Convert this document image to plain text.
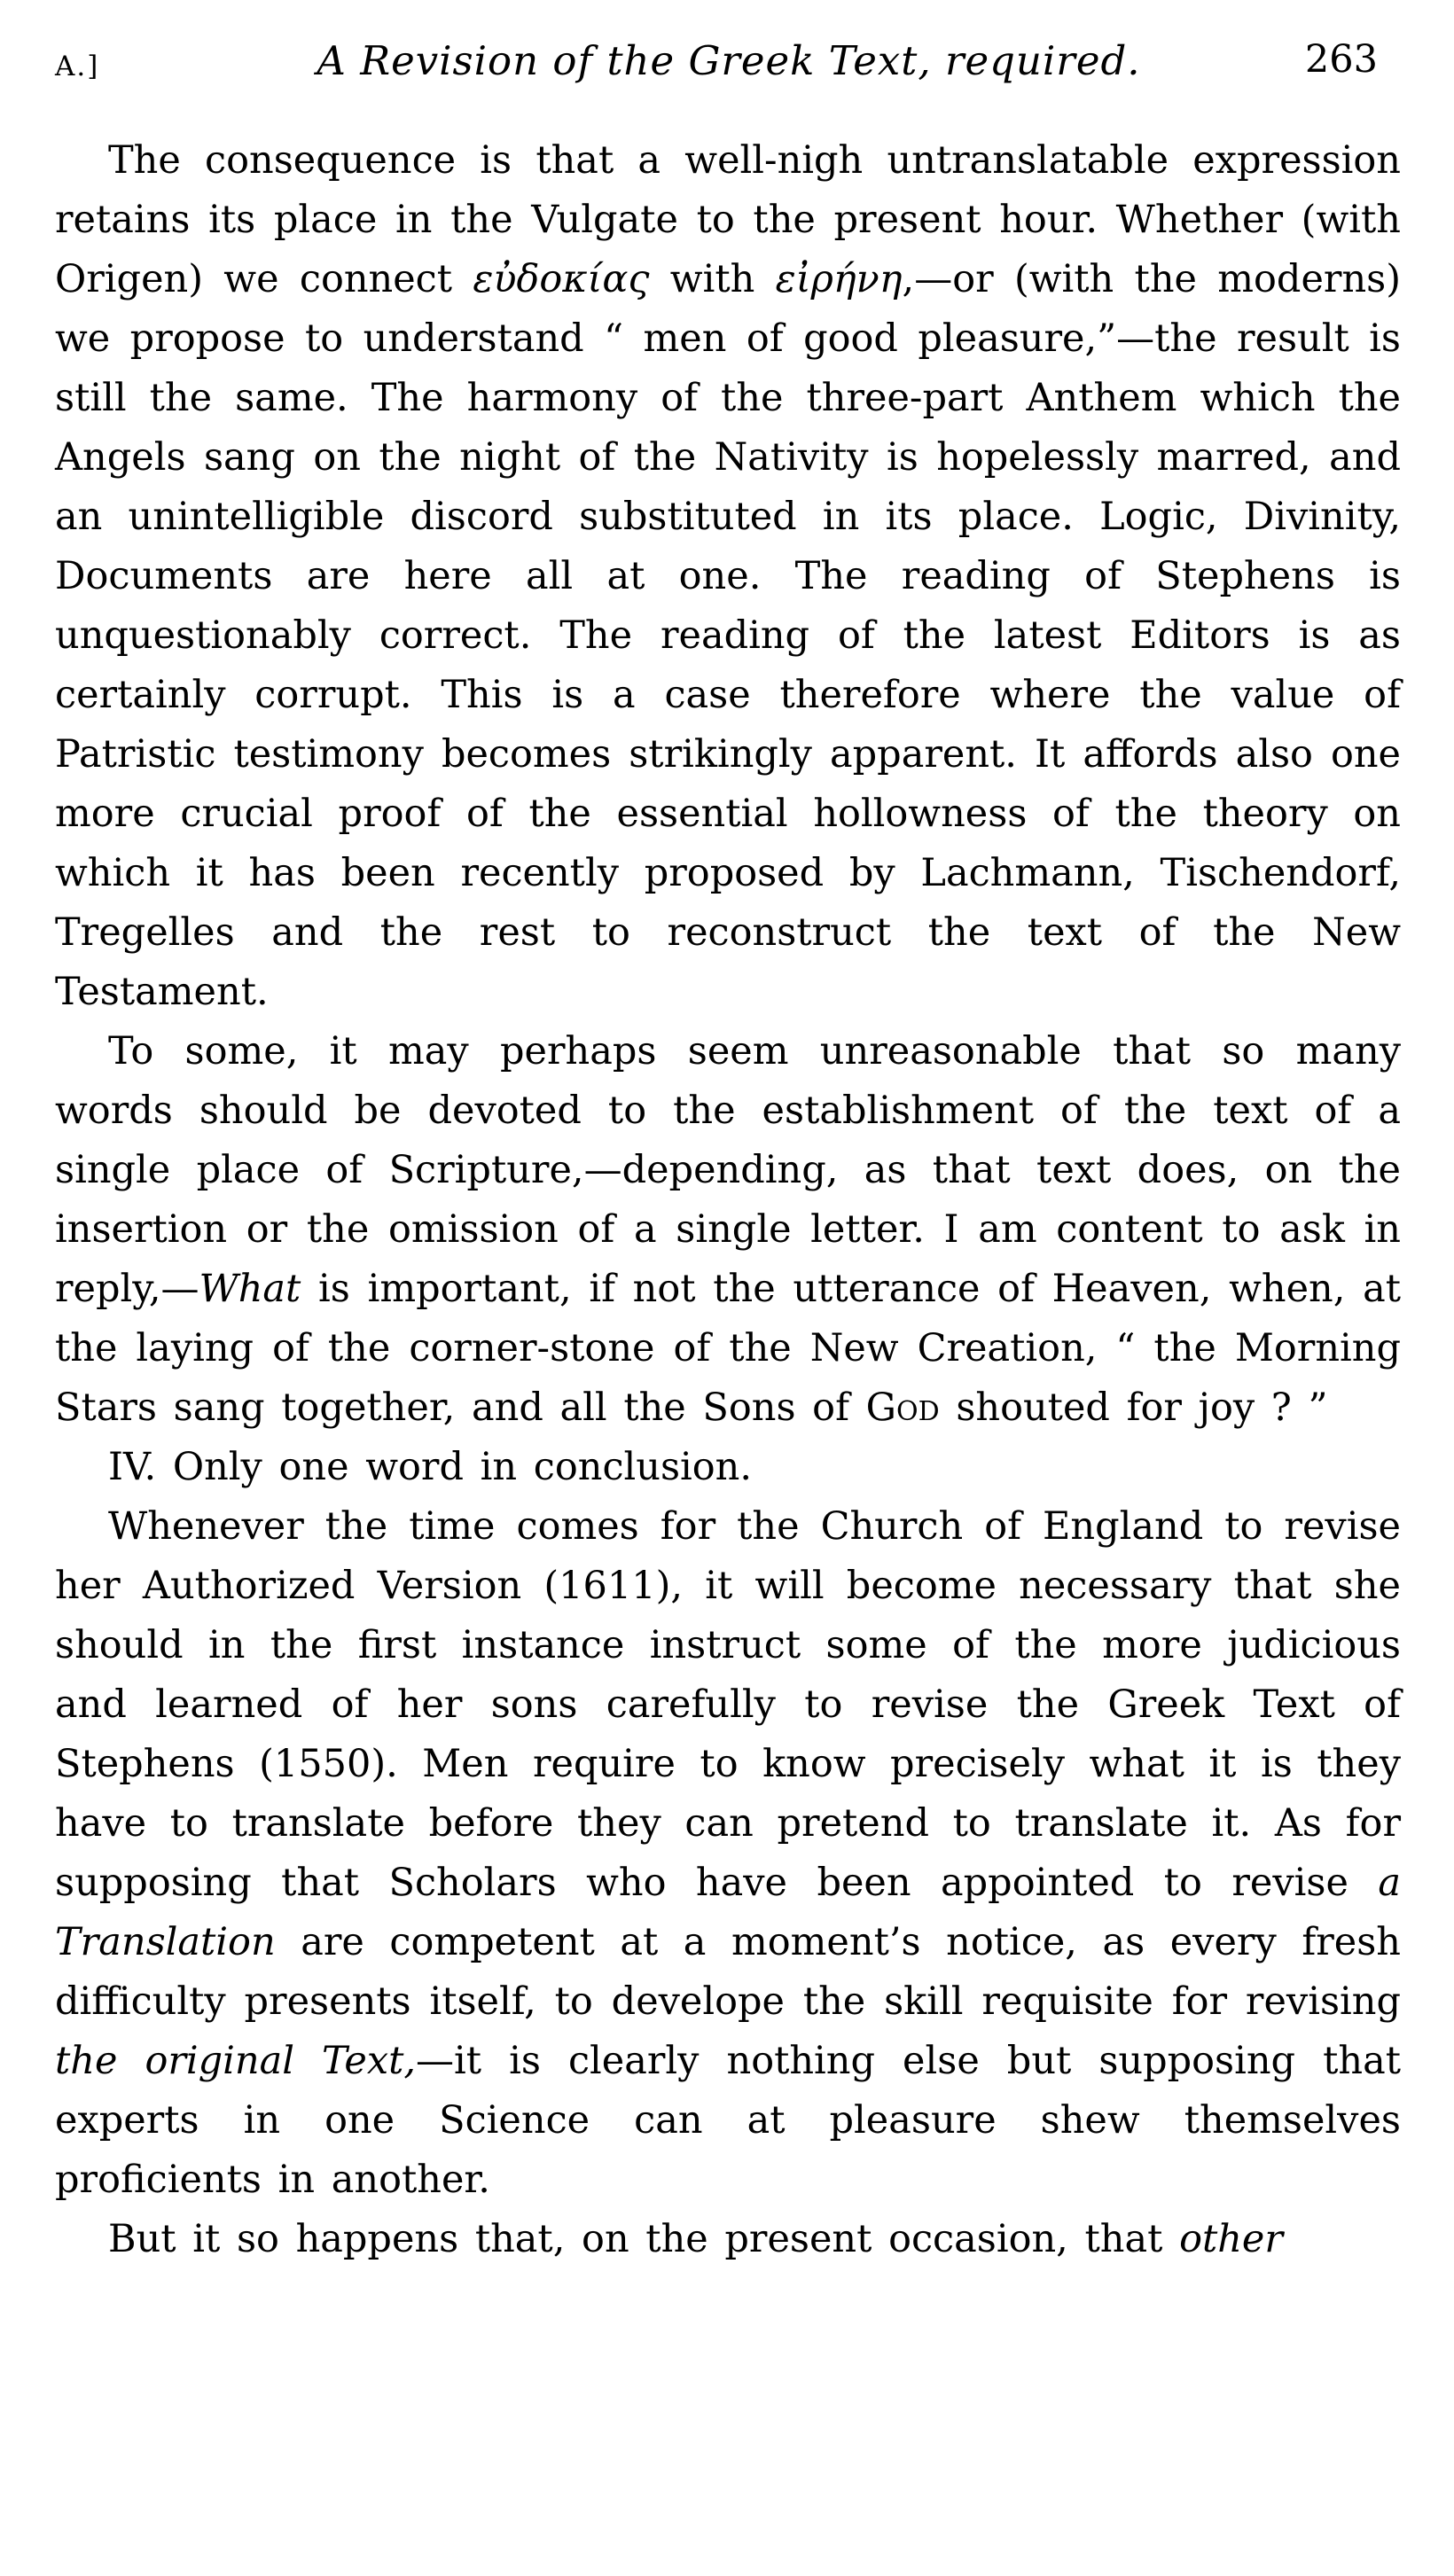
A.]	A Revision of the Greek Text, required.	263

The consequence is that a well-nigh untranslatable expression retains its place in the Vulgate to the present hour. Whether (with Origen) we connect εὐδοκίας with εἰρήνη,—or (with the moderns) we propose to understand “ men of good pleasure,”—the result is still the same. The harmony of the three-part Anthem which the Angels sang on the night of the Nativity is hopelessly marred, and an unintelligible discord substituted in its place. Logic, Divinity, Documents are here all at one. The reading of Stephens is unquestionably correct. The reading of the latest Editors is as certainly corrupt. This is a case therefore where the value of Patristic testimony becomes strikingly apparent. It affords also one more crucial proof of the essential hollowness of the theory on which it has been recently proposed by Lachmann, Tischendorf, Tregelles and the rest to reconstruct the text of the New Testament.

To some, it may perhaps seem unreasonable that so many words should be devoted to the establishment of the text of a single place of Scripture,—depending, as that text does, on the insertion or the omission of a single letter. I am content to ask in reply,—What is important, if not the utterance of Heaven, when, at the laying of the corner-stone of the New Creation, “ the Morning Stars sang together, and all the Sons of God shouted for joy ? ”

IV. Only one word in conclusion.

Whenever the time comes for the Church of England to revise her Authorized Version (1611), it will become necessary that she should in the first instance instruct some of the more judicious and learned of her sons carefully to revise the Greek Text of Stephens (1550). Men require to know precisely what it is they have to translate before they can pretend to translate it. As for supposing that Scholars who have been appointed to revise a Translation are competent at a moment’s notice, as every fresh difficulty presents itself, to develope the skill requisite for revising the original Text,—it is clearly nothing else but supposing that experts in one Science can at pleasure shew themselves proficients in another.

But it so happens that, on the present occasion, that other
